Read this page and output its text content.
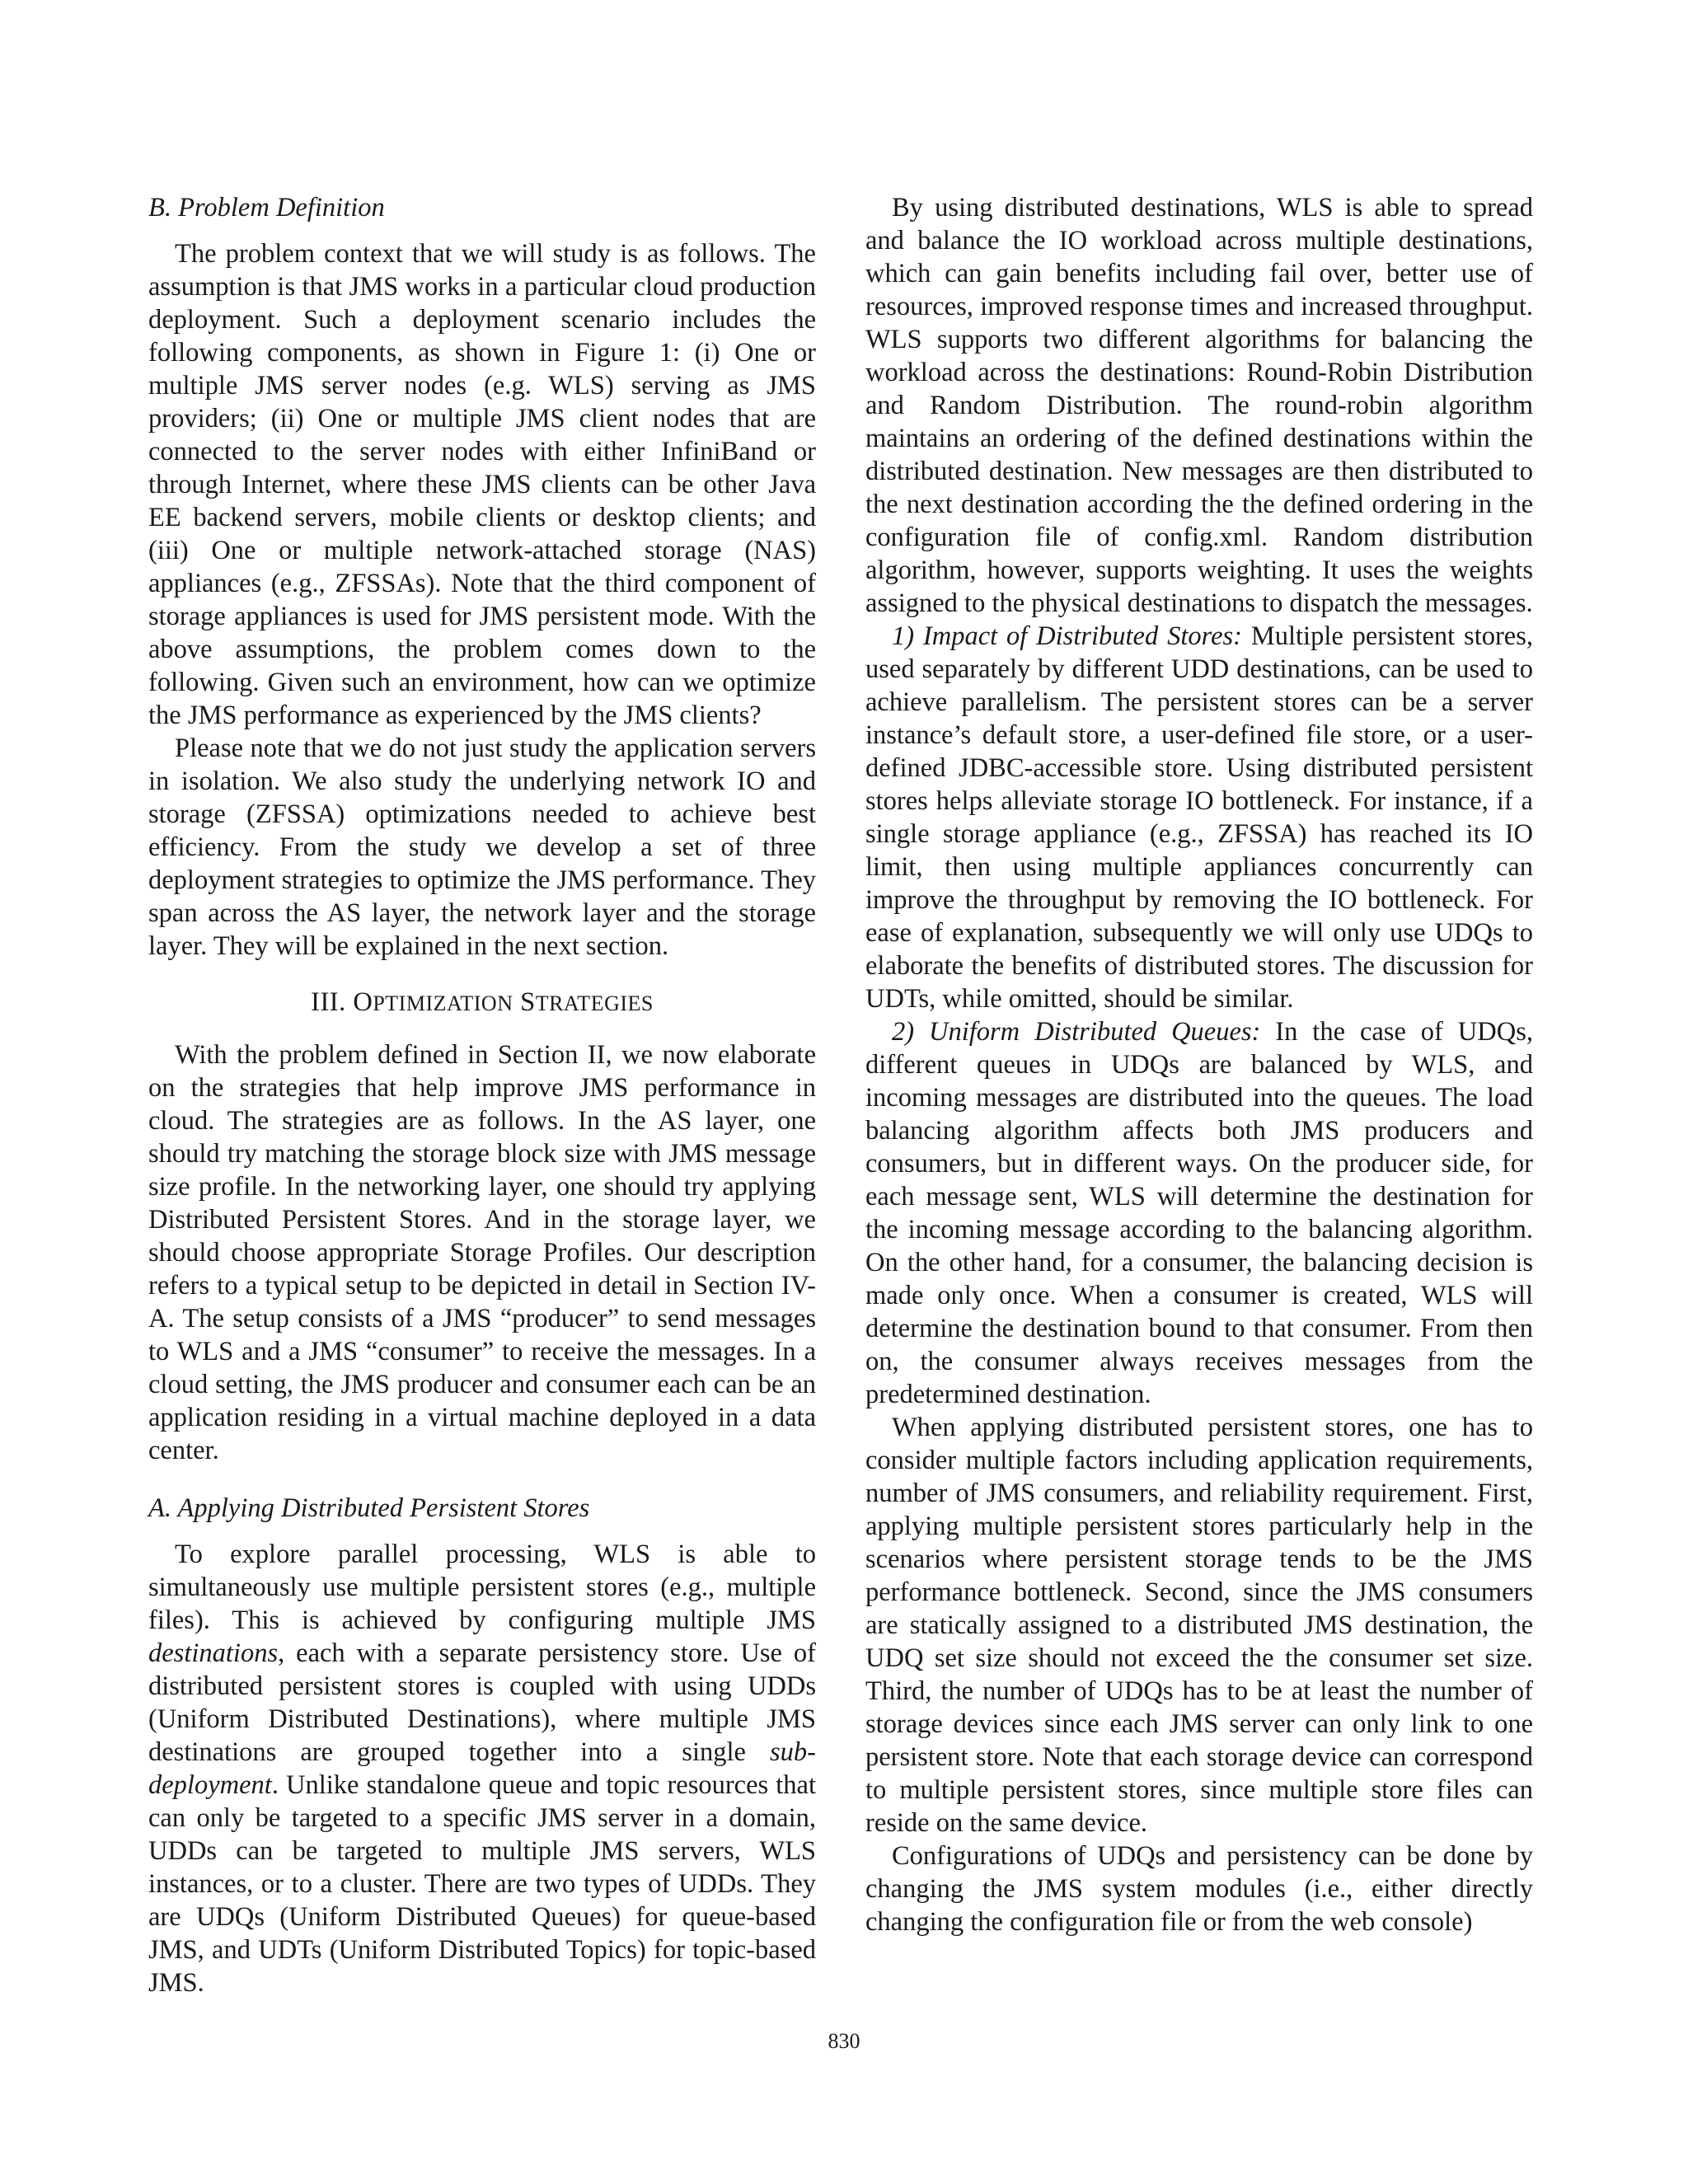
B. Problem Definition

The problem context that we will study is as follows. The assumption is that JMS works in a particular cloud production deployment. Such a deployment scenario includes the following components, as shown in Figure 1: (i) One or multiple JMS server nodes (e.g. WLS) serving as JMS providers; (ii) One or multiple JMS client nodes that are connected to the server nodes with either InfiniBand or through Internet, where these JMS clients can be other Java EE backend servers, mobile clients or desktop clients; and (iii) One or multiple network-attached storage (NAS) appliances (e.g., ZFSSAs). Note that the third component of storage appliances is used for JMS persistent mode. With the above assumptions, the problem comes down to the following. Given such an environment, how can we optimize the JMS performance as experienced by the JMS clients?

Please note that we do not just study the application servers in isolation. We also study the underlying network IO and storage (ZFSSA) optimizations needed to achieve best efficiency. From the study we develop a set of three deployment strategies to optimize the JMS performance. They span across the AS layer, the network layer and the storage layer. They will be explained in the next section.

III. OPTIMIZATION STRATEGIES

With the problem defined in Section II, we now elaborate on the strategies that help improve JMS performance in cloud. The strategies are as follows. In the AS layer, one should try matching the storage block size with JMS message size profile. In the networking layer, one should try applying Distributed Persistent Stores. And in the storage layer, we should choose appropriate Storage Profiles. Our description refers to a typical setup to be depicted in detail in Section IV-A. The setup consists of a JMS “producer” to send messages to WLS and a JMS “consumer” to receive the messages. In a cloud setting, the JMS producer and consumer each can be an application residing in a virtual machine deployed in a data center.

A. Applying Distributed Persistent Stores

To explore parallel processing, WLS is able to simultaneously use multiple persistent stores (e.g., multiple files). This is achieved by configuring multiple JMS destinations, each with a separate persistency store. Use of distributed persistent stores is coupled with using UDDs (Uniform Distributed Destinations), where multiple JMS destinations are grouped together into a single sub-deployment. Unlike standalone queue and topic resources that can only be targeted to a specific JMS server in a domain, UDDs can be targeted to multiple JMS servers, WLS instances, or to a cluster. There are two types of UDDs. They are UDQs (Uniform Distributed Queues) for queue-based JMS, and UDTs (Uniform Distributed Topics) for topic-based JMS.

By using distributed destinations, WLS is able to spread and balance the IO workload across multiple destinations, which can gain benefits including fail over, better use of resources, improved response times and increased throughput. WLS supports two different algorithms for balancing the workload across the destinations: Round-Robin Distribution and Random Distribution. The round-robin algorithm maintains an ordering of the defined destinations within the distributed destination. New messages are then distributed to the next destination according the the defined ordering in the configuration file of config.xml. Random distribution algorithm, however, supports weighting. It uses the weights assigned to the physical destinations to dispatch the messages.

1) Impact of Distributed Stores: Multiple persistent stores, used separately by different UDD destinations, can be used to achieve parallelism. The persistent stores can be a server instance’s default store, a user-defined file store, or a user-defined JDBC-accessible store. Using distributed persistent stores helps alleviate storage IO bottleneck. For instance, if a single storage appliance (e.g., ZFSSA) has reached its IO limit, then using multiple appliances concurrently can improve the throughput by removing the IO bottleneck. For ease of explanation, subsequently we will only use UDQs to elaborate the benefits of distributed stores. The discussion for UDTs, while omitted, should be similar.

2) Uniform Distributed Queues: In the case of UDQs, different queues in UDQs are balanced by WLS, and incoming messages are distributed into the queues. The load balancing algorithm affects both JMS producers and consumers, but in different ways. On the producer side, for each message sent, WLS will determine the destination for the incoming message according to the balancing algorithm. On the other hand, for a consumer, the balancing decision is made only once. When a consumer is created, WLS will determine the destination bound to that consumer. From then on, the consumer always receives messages from the predetermined destination.

When applying distributed persistent stores, one has to consider multiple factors including application requirements, number of JMS consumers, and reliability requirement. First, applying multiple persistent stores particularly help in the scenarios where persistent storage tends to be the JMS performance bottleneck. Second, since the JMS consumers are statically assigned to a distributed JMS destination, the UDQ set size should not exceed the the consumer set size. Third, the number of UDQs has to be at least the number of storage devices since each JMS server can only link to one persistent store. Note that each storage device can correspond to multiple persistent stores, since multiple store files can reside on the same device.

Configurations of UDQs and persistency can be done by changing the JMS system modules (i.e., either directly changing the configuration file or from the web console)

830
